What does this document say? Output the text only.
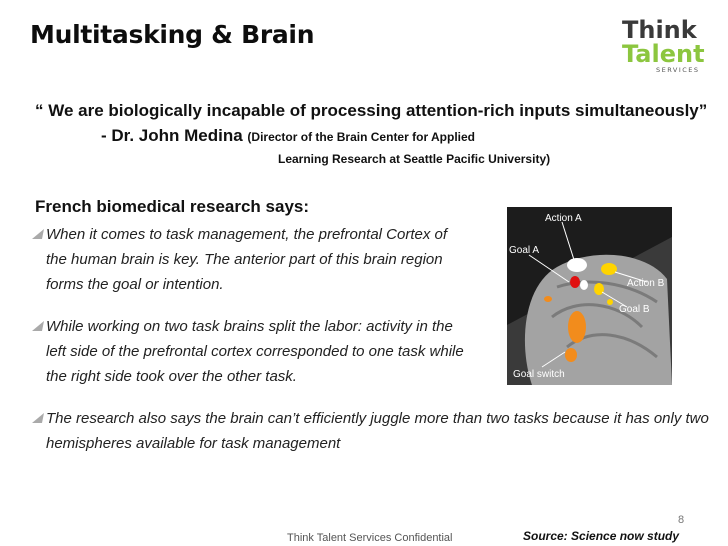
Multitasking & Brain	Think
Talent
SERVICES
“ We are biologically incapable of processing attention-rich inputs simultaneously”- Dr. John Medina (Director of the Brain Center for Applied
Learning Research at Seattle Pacific University)
French biomedical research says:
When it comes to task management, the prefrontal Cortex of the human brain is key. The anterior part of this brain region forms the goal or intention.
While working on two task brains split the labor: activity in the left side of the prefrontal cortex corresponded to one task while the right side took over the other task.
The research also says the brain can’t efficiently juggle more than two tasks because it has only two hemispheres available for task management
Action A
Goal A
Action B
Goal B
Goal switch
8
Think Talent Services Confidential	Source: Science now study
